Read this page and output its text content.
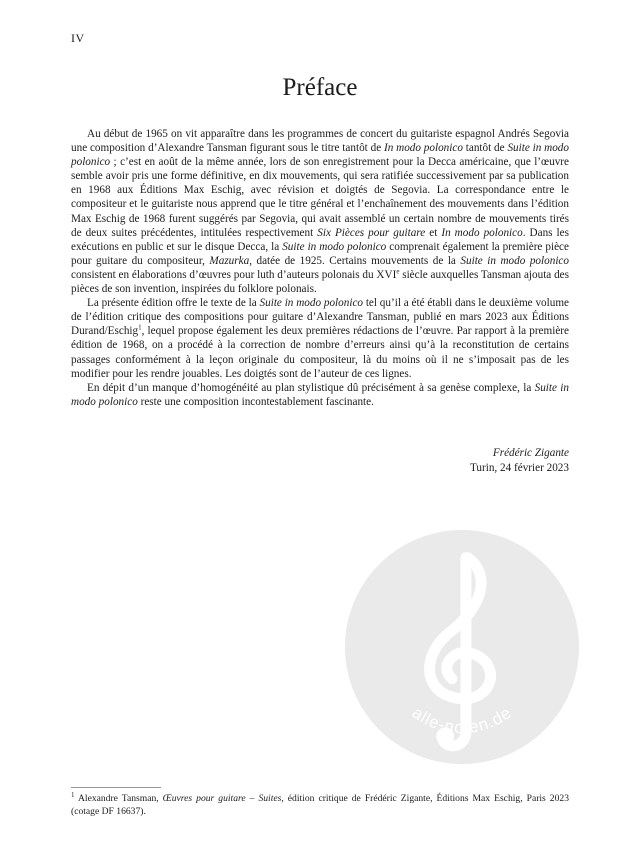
IV
Préface

Au début de 1965 on vit apparaître dans les programmes de concert du guitariste espagnol Andrés Segovia une composition d’Alexandre Tansman figurant sous le titre tantôt de In modo polonico tantôt de Suite in modo polonico ; c’est en août de la même année, lors de son enregistrement pour la Decca américaine, que l’œuvre semble avoir pris une forme définitive, en dix mouvements, qui sera ratifiée successivement par sa publication en 1968 aux Éditions Max Eschig, avec révision et doigtés de Segovia. La correspondance entre le compositeur et le guitariste nous apprend que le titre général et l’enchaînement des mouvements dans l’édition Max Eschig de 1968 furent suggérés par Segovia, qui avait assemblé un certain nombre de mouvements tirés de deux suites précédentes, intitulées respectivement Six Pièces pour guitare et In modo polonico. Dans les exécutions en public et sur le disque Decca, la Suite in modo polonico comprenait également la première pièce pour guitare du compositeur, Mazurka, datée de 1925. Certains mouvements de la Suite in modo polonico consistent en élaborations d’œuvres pour luth d’auteurs polonais du XVIe siècle auxquelles Tansman ajouta des pièces de son invention, inspirées du folklore polonais.

La présente édition offre le texte de la Suite in modo polonico tel qu’il a été établi dans le deuxième volume de l’édition critique des compositions pour guitare d’Alexandre Tansman, publié en mars 2023 aux Éditions Durand/Eschig$^1$, lequel propose également les deux premières rédactions de l’œuvre. Par rapport à la première édition de 1968, on a procédé à la correction de nombre d’erreurs ainsi qu’à la reconstitution de certains passages conformément à la leçon originale du compositeur, là du moins où il ne s’imposait pas de les modifier pour les rendre jouables. Les doigtés sont de l’auteur de ces lignes.

En dépit d’un manque d’homogénéité au plan stylistique dû précisément à sa genèse complexe, la Suite in modo polonico reste une composition incontestablement fascinante.

Frédéric Zigante
Turin, 24 février 2023
alle-noten.de
$^1$ Alexandre Tansman, Œuvres pour guitare – Suites, édition critique de Frédéric Zigante, Éditions Max Eschig, Paris 2023 (cotage DF 16637).
